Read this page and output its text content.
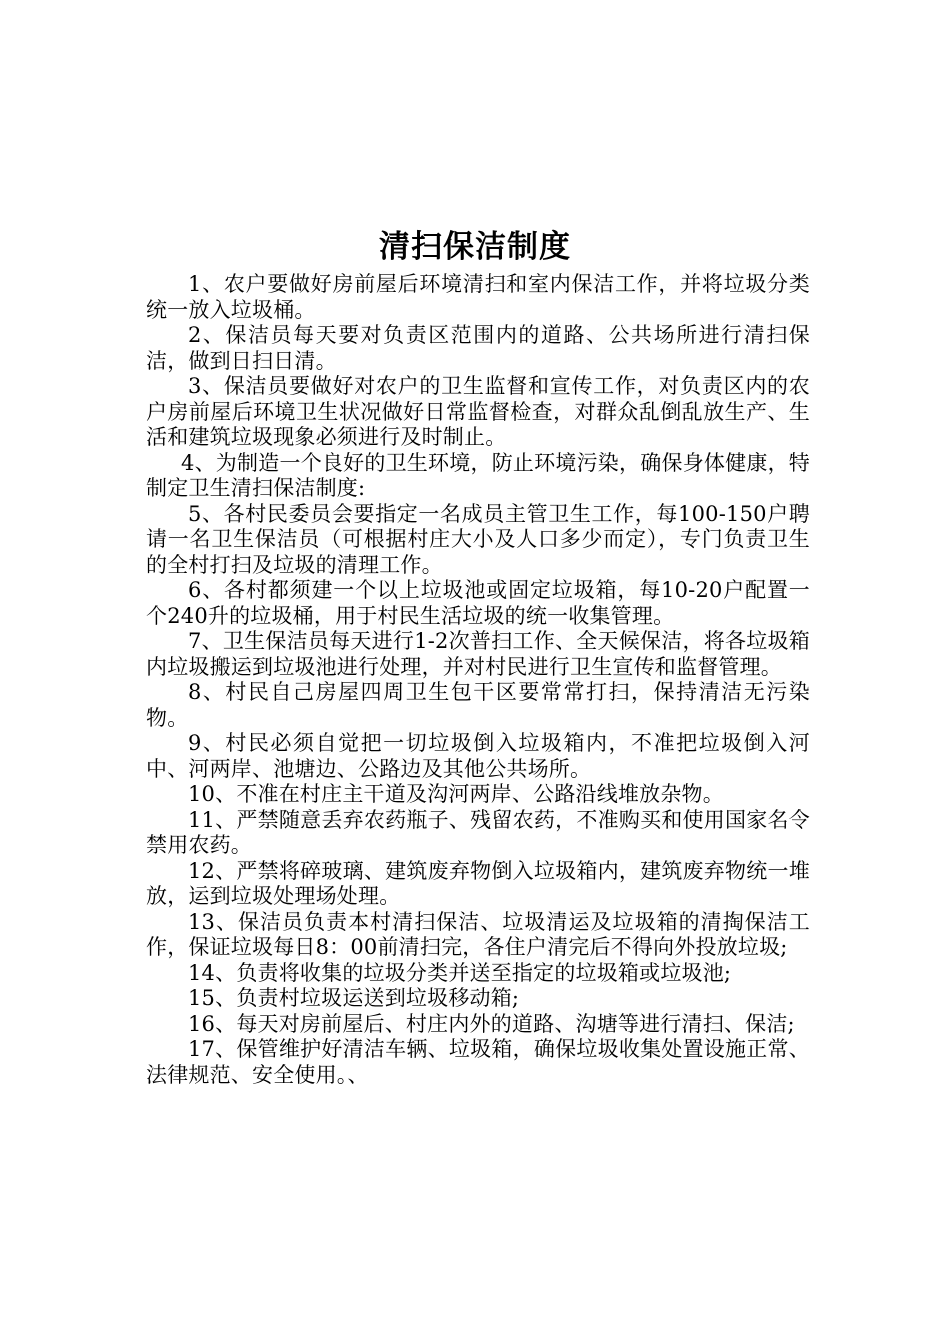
清扫保洁制度

1、农户要做好房前屋后环境清扫和室内保洁工作，并将垃圾分类统一放入垃圾桶。

2、保洁员每天要对负责区范围内的道路、公共场所进行清扫保洁，做到日扫日清。

3、保洁员要做好对农户的卫生监督和宣传工作，对负责区内的农户房前屋后环境卫生状况做好日常监督检查，对群众乱倒乱放生产、生活和建筑垃圾现象必须进行及时制止。

4、为制造一个良好的卫生环境，防止环境污染，确保身体健康，特制定卫生清扫保洁制度:

5、各村民委员会要指定一名成员主管卫生工作，每100-150户聘请一名卫生保洁员（可根据村庄大小及人口多少而定），专门负责卫生的全村打扫及垃圾的清理工作。

6、各村都须建一个以上垃圾池或固定垃圾箱，每10-20户配置一个240升的垃圾桶，用于村民生活垃圾的统一收集管理。

7、卫生保洁员每天进行1-2次普扫工作、全天候保洁，将各垃圾箱内垃圾搬运到垃圾池进行处理，并对村民进行卫生宣传和监督管理。

8、村民自己房屋四周卫生包干区要常常打扫，保持清洁无污染物。

9、村民必须自觉把一切垃圾倒入垃圾箱内，不准把垃圾倒入河中、河两岸、池塘边、公路边及其他公共场所。

10、不准在村庄主干道及沟河两岸、公路沿线堆放杂物。

11、严禁随意丢弃农药瓶子、残留农药，不准购买和使用国家名令禁用农药。

12、严禁将碎玻璃、建筑废弃物倒入垃圾箱内，建筑废弃物统一堆放，运到垃圾处理场处理。

13、保洁员负责本村清扫保洁、垃圾清运及垃圾箱的清掏保洁工作，保证垃圾每日8：00前清扫完，各住户清完后不得向外投放垃圾;

14、负责将收集的垃圾分类并送至指定的垃圾箱或垃圾池;

15、负责村垃圾运送到垃圾移动箱;

16、每天对房前屋后、村庄内外的道路、沟塘等进行清扫、保洁;

17、保管维护好清洁车辆、垃圾箱，确保垃圾收集处置设施正常、法律规范、安全使用。、
